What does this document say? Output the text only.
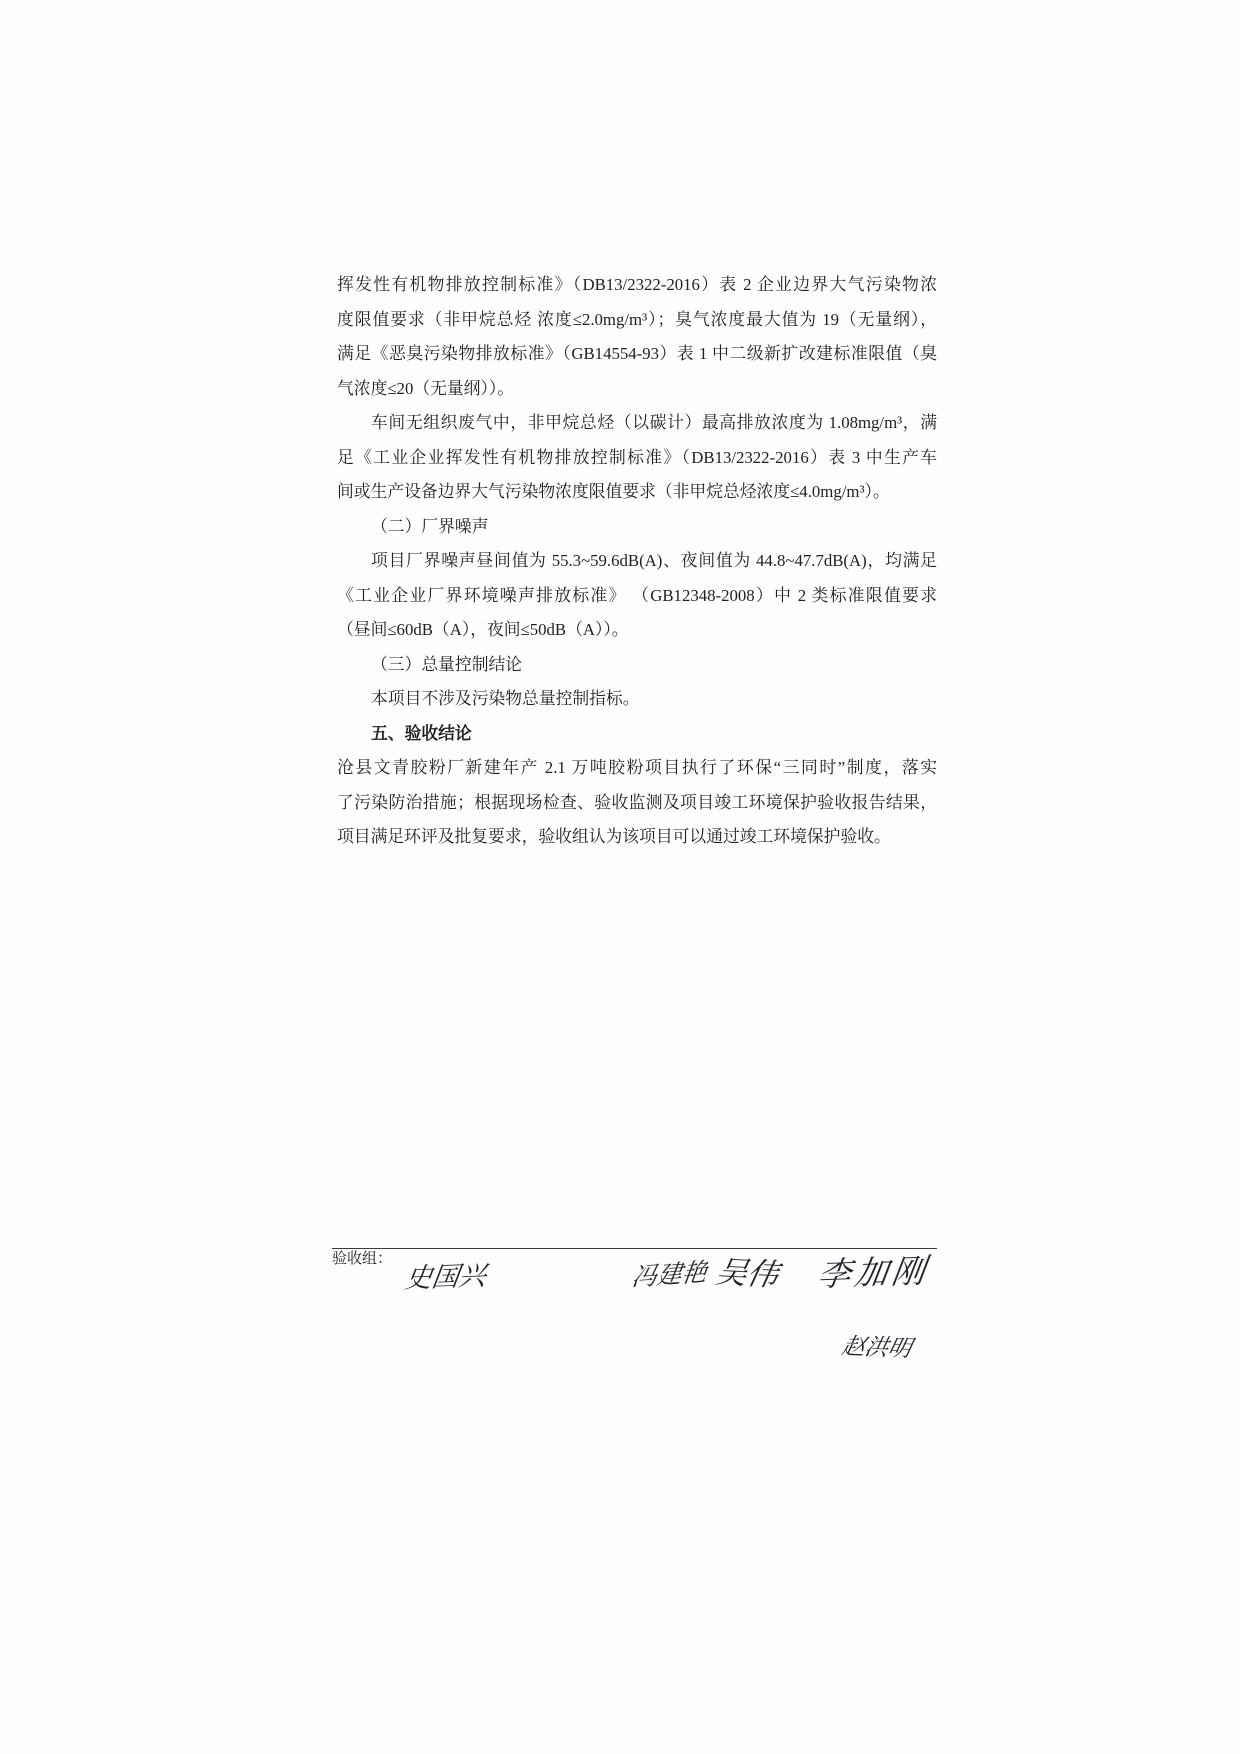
挥发性有机物排放控制标准》（DB13/2322-2016）表 2 企业边界大气污染物浓
度限值要求（非甲烷总烃 浓度≤2.0mg/m³）；臭气浓度最大值为 19（无量纲），
满足《恶臭污染物排放标准》（GB14554-93）表 1 中二级新扩改建标准限值（臭
气浓度≤20（无量纲））。
车间无组织废气中，非甲烷总烃（以碳计）最高排放浓度为 1.08mg/m³，满
足《工业企业挥发性有机物排放控制标准》（DB13/2322-2016）表 3 中生产车
间或生产设备边界大气污染物浓度限值要求（非甲烷总烃浓度≤4.0mg/m³）。
（二）厂界噪声
项目厂界噪声昼间值为 55.3~59.6dB(A)、夜间值为 44.8~47.7dB(A)，均满足
《工业企业厂界环境噪声排放标准》 （GB12348-2008）中 2 类标准限值要求
（昼间≤60dB（A），夜间≤50dB（A））。
（三）总量控制结论
本项目不涉及污染物总量控制指标。
五、验收结论
沧县文青胶粉厂新建年产 2.1 万吨胶粉项目执行了环保“三同时”制度，落实
了污染防治措施；根据现场检查、验收监测及项目竣工环境保护验收报告结果，
项目满足环评及批复要求，验收组认为该项目可以通过竣工环境保护验收。
验收组：
史国兴	冯建艳 吴伟 李加刚
赵洪明
